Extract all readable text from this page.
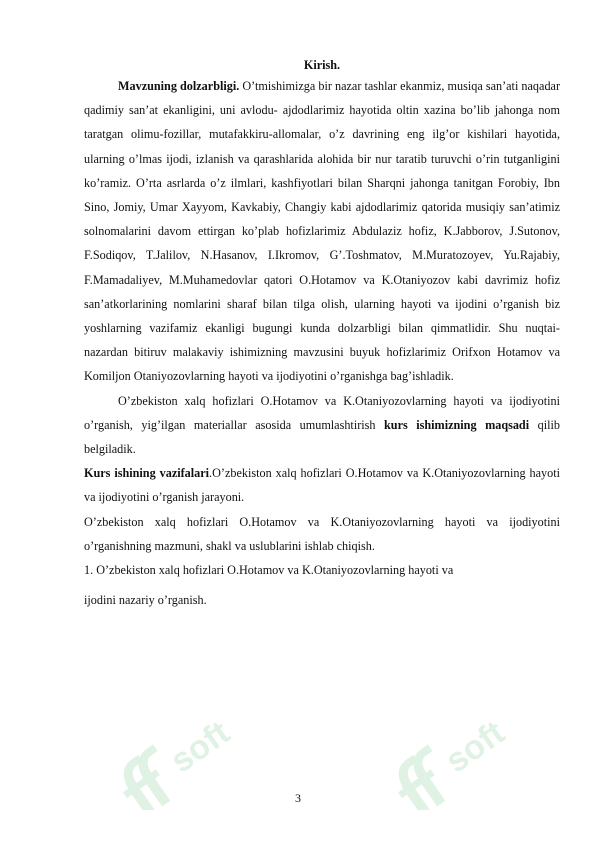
soft	soft

Kirish.

Mavzuning dolzarbligi. O’tmishimizga bir nazar tashlar ekanmiz, musiqa san’ati naqadar qadimiy san’at ekanligini, uni avlodu- ajdodlarimiz hayotida oltin xazina bo’lib jahonga nom taratgan olimu-fozillar, mutafakkiru-allomalar, o’z davrining eng ilg’or kishilari hayotida, ularning o’lmas ijodi, izlanish va qarashlarida alohida bir nur taratib turuvchi o’rin tutganligini ko’ramiz. O’rta asrlarda o’z ilmlari, kashfiyotlari bilan Sharqni jahonga tanitgan Forobiy, Ibn Sino, Jomiy, Umar Xayyom, Kavkabiy, Changiy kabi ajdodlarimiz qatorida musiqiy san’atimiz solnomalarini davom ettirgan ko’plab hofizlarimiz Abdulaziz hofiz, K.Jabborov, J.Sutonov, F.Sodiqov, T.Jalilov, N.Hasanov, I.Ikromov, G’.Toshmatov, M.Muratozoyev, Yu.Rajabiy, F.Mamadaliyev, M.Muhamedovlar qatori O.Hotamov va K.Otaniyozov kabi davrimiz hofiz san’atkorlarining nomlarini sharaf bilan tilga olish, ularning hayoti va ijodini o’rganish biz yoshlarning vazifamiz ekanligi bugungi kunda dolzarbligi bilan qimmatlidir. Shu nuqtai-nazardan bitiruv malakaviy ishimizning mavzusini buyuk hofizlarimiz Orifxon Hotamov va Komiljon Otaniyozovlarning hayoti va ijodiyotini o’rganishga bag’ishladik.

O’zbekiston xalq hofizlari O.Hotamov va K.Otaniyozovlarning hayoti va ijodiyotini o’rganish, yig’ilgan materiallar asosida umumlashtirish kurs ishimizning maqsadi qilib belgiladik.

Kurs ishining vazifalari.O’zbekiston xalq hofizlari O.Hotamov va K.Otaniyozovlarning hayoti va ijodiyotini o’rganish jarayoni.

O’zbekiston xalq hofizlari O.Hotamov va K.Otaniyozovlarning hayoti va ijodiyotini o’rganishning mazmuni, shakl va uslublarini ishlab chiqish.

1. O’zbekiston xalq hofizlari O.Hotamov va K.Otaniyozovlarning hayoti va

ijodini nazariy o’rganish.

3
